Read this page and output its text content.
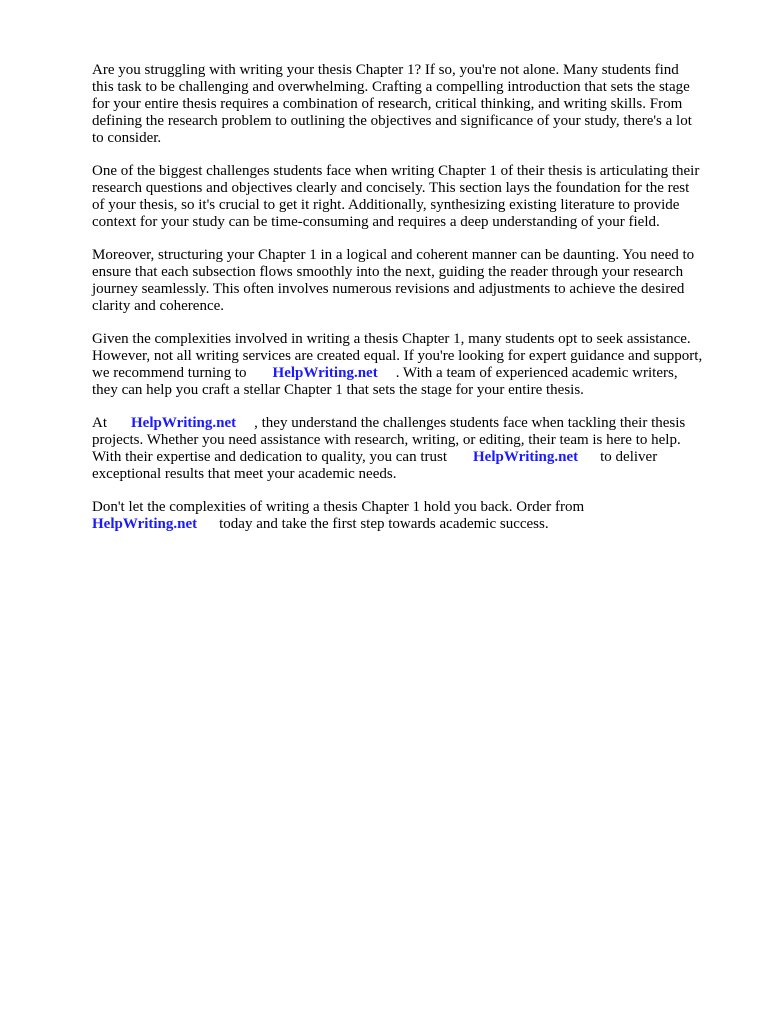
Are you struggling with writing your thesis Chapter 1? If so, you're not alone. Many students find
this task to be challenging and overwhelming. Crafting a compelling introduction that sets the stage
for your entire thesis requires a combination of research, critical thinking, and writing skills. From
defining the research problem to outlining the objectives and significance of your study, there's a lot
to consider.
One of the biggest challenges students face when writing Chapter 1 of their thesis is articulating their
research questions and objectives clearly and concisely. This section lays the foundation for the rest
of your thesis, so it's crucial to get it right. Additionally, synthesizing existing literature to provide
context for your study can be time-consuming and requires a deep understanding of your field.
Moreover, structuring your Chapter 1 in a logical and coherent manner can be daunting. You need to
ensure that each subsection flows smoothly into the next, guiding the reader through your research
journey seamlessly. This often involves numerous revisions and adjustments to achieve the desired
clarity and coherence.
Given the complexities involved in writing a thesis Chapter 1, many students opt to seek assistance.
However, not all writing services are created equal. If you're looking for expert guidance and support,
we recommend turning to HelpWriting.net . With a team of experienced academic writers,
they can help you craft a stellar Chapter 1 that sets the stage for your entire thesis.
At HelpWriting.net , they understand the challenges students face when tackling their thesis
projects. Whether you need assistance with research, writing, or editing, their team is here to help.
With their expertise and dedication to quality, you can trust HelpWriting.net to deliver
exceptional results that meet your academic needs.
Don't let the complexities of writing a thesis Chapter 1 hold you back. Order from
HelpWriting.net today and take the first step towards academic success.
